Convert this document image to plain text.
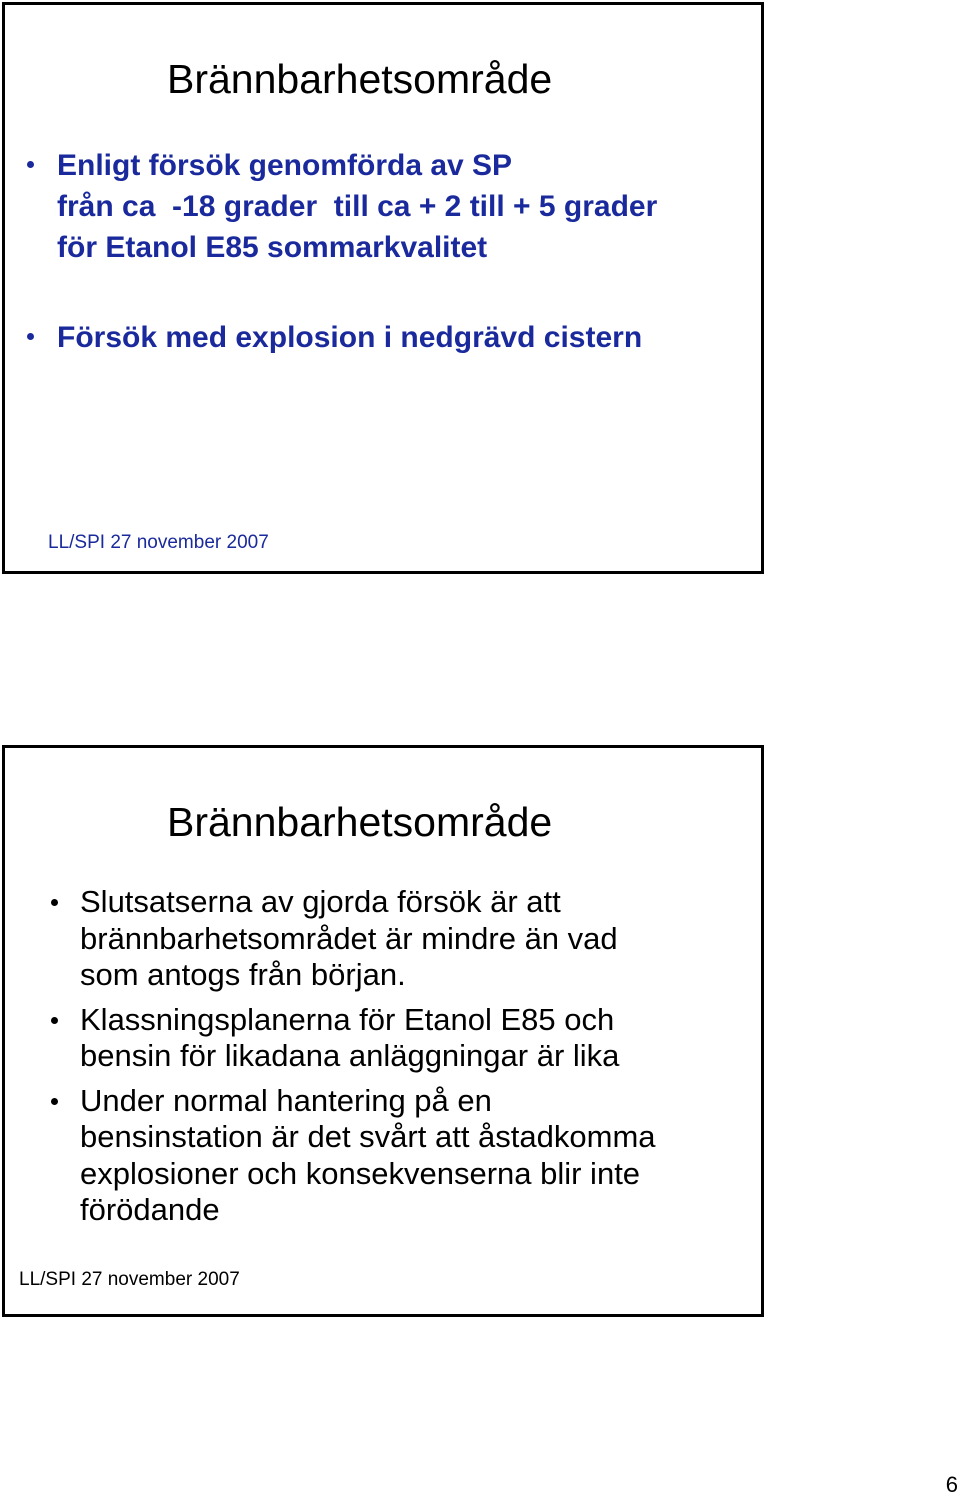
Brännbarhetsområde
Enligt försök genomförda av SP
från ca  -18 grader  till ca + 2 till + 5 grader
för Etanol E85 sommarkvalitet
Försök med explosion i nedgrävd cistern
LL/SPI 27 november 2007
Brännbarhetsområde
Slutsatserna av gjorda försök är att
brännbarhetsområdet är mindre än vad
som antogs från början.
Klassningsplanerna för Etanol E85 och
bensin för likadana anläggningar är lika
Under normal hantering på en
bensinstation är det svårt att åstadkomma
explosioner och konsekvenserna blir inte
förödande
LL/SPI 27 november 2007
6
